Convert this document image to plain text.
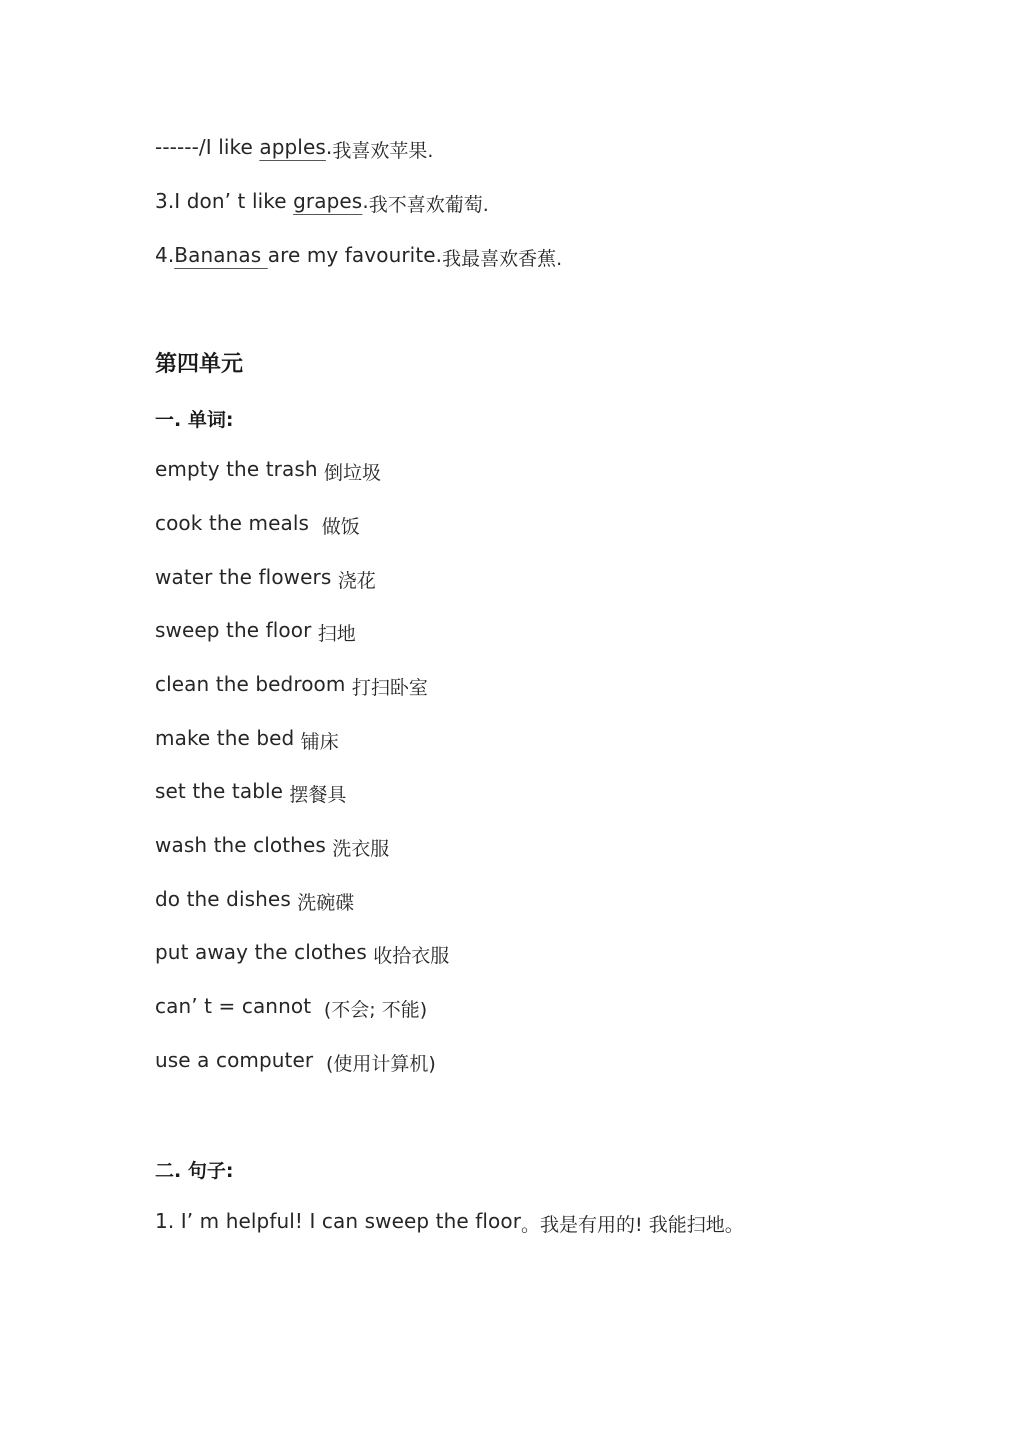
------/I like apples.我喜欢苹果.
3.I don’ t like grapes.我不喜欢葡萄.
4.Bananas are my favourite.我最喜欢香蕉.
第四单元
一. 单词:
empty the trash 倒垃圾
cook the meals 做饭
water the flowers 浇花
sweep the floor 扫地
clean the bedroom 打扫卧室
make the bed 铺床
set the table 摆餐具
wash the clothes 洗衣服
do the dishes 洗碗碟
put away the clothes 收拾衣服
can’ t = cannot (不会; 不能)
use a computer (使用计算机)
二. 句子:
1. I’ m helpful! I can sweep the floor。我是有用的! 我能扫地。
